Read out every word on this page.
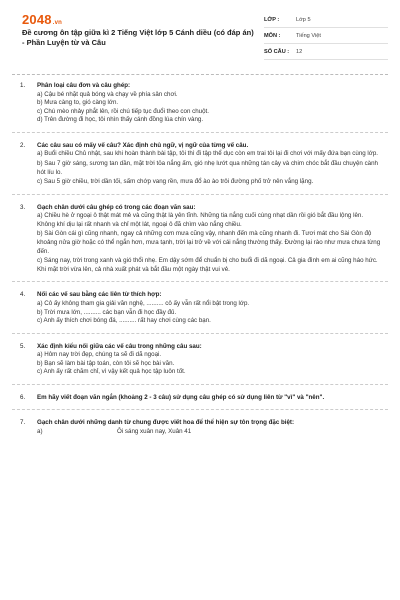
2048.vn
Đề cương ôn tập giữa kì 2 Tiếng Việt lớp 5 Cánh diều (có đáp án) - Phần Luyện từ và Câu
LỚP :	Lớp 5
MÔN :	Tiếng Việt
SỐ CÂU :	12
1.	Phân loại câu đơn và câu ghép:
a) Cậu bé nhặt quả bóng và chạy về phía sân chơi.
b) Mưa càng to, gió càng lớn.
c) Chú mèo nhảy phắt lên, rồi chú tiếp tục đuổi theo con chuột.
d) Trên đường đi học, tôi nhìn thấy cánh đồng lúa chín vàng.
2.	Các câu sau có mấy vế câu? Xác định chủ ngữ, vị ngữ của từng vế câu.
a) Buổi chiều Chủ nhật, sau khi hoàn thành bài tập, tôi thì đi tập thể dục còn em trai tôi lại đi chơi với mấy đứa bạn cùng lớp.
b) Sau 7 giờ sáng, sương tan dần, mặt trời tỏa nắng ấm, gió nhẹ lướt qua những tán cây và chim chóc bắt đầu chuyện cành hót líu lo.
c) Sau 5 giờ chiều, trời dần tối, sấm chớp vang rền, mưa đổ ào ào trôi đường phố trở nên vắng lặng.
3.	Gạch chân dưới câu ghép có trong các đoạn văn sau:
a) Chiều hè ở ngoại ô thật mát mẻ và cũng thật là yên tĩnh. Những tia nắng cuối cùng nhạt dần rồi gió bắt đầu lộng lên. Không khí dịu lại rất nhanh và chỉ một lát, ngoại ô đã chìm vào nắng chiều.
b) Sài Gòn cái gì cũng nhanh, ngay cả những cơn mưa cũng vậy, nhanh đến mà cũng nhanh đi. Tươi mát cho Sài Gòn độ khoảng nửa giờ hoặc có thể ngắn hơn, mưa tạnh, trời lại trở về với cái nắng thường thấy. Đường lại rào như mưa chưa từng đến.
c) Sáng nay, trời trong xanh và gió thổi nhẹ. Em dậy sớm để chuẩn bị cho buổi đi dã ngoại. Cả gia đình em ai cũng háo hức. Khi mặt trời vừa lên, cả nhà xuất phát và bắt đầu một ngày thật vui vẻ.
4.	Nối các vế sau bằng các liên từ thích hợp:
a) Cô ấy không tham gia giải văn nghệ, .......... cô ấy vẫn rất nổi bật trong lớp.
b) Trời mưa lớn, .......... các bạn vẫn đi học đầy đủ.
c) Anh ấy thích chơi bóng đá, .......... rất hay chơi cùng các bạn.
5.	Xác định kiểu nối giữa các vế câu trong những câu sau:
a) Hôm nay trời đẹp, chúng ta sẽ đi dã ngoại.
b) Bạn sẽ làm bài tập toán, còn tôi sẽ học bài văn.
c) Anh ấy rất chăm chỉ, vì vậy kết quả học tập luôn tốt.
6.	Em hãy viết đoạn văn ngắn (khoảng 2 - 3 câu) sử dụng câu ghép có sử dụng liên từ "vì" và "nên".
7.	Gạch chân dưới những danh từ chung được viết hoa để thể hiện sự tôn trọng đặc biệt:
a)	Ôi sáng xuân nay, Xuân 41
